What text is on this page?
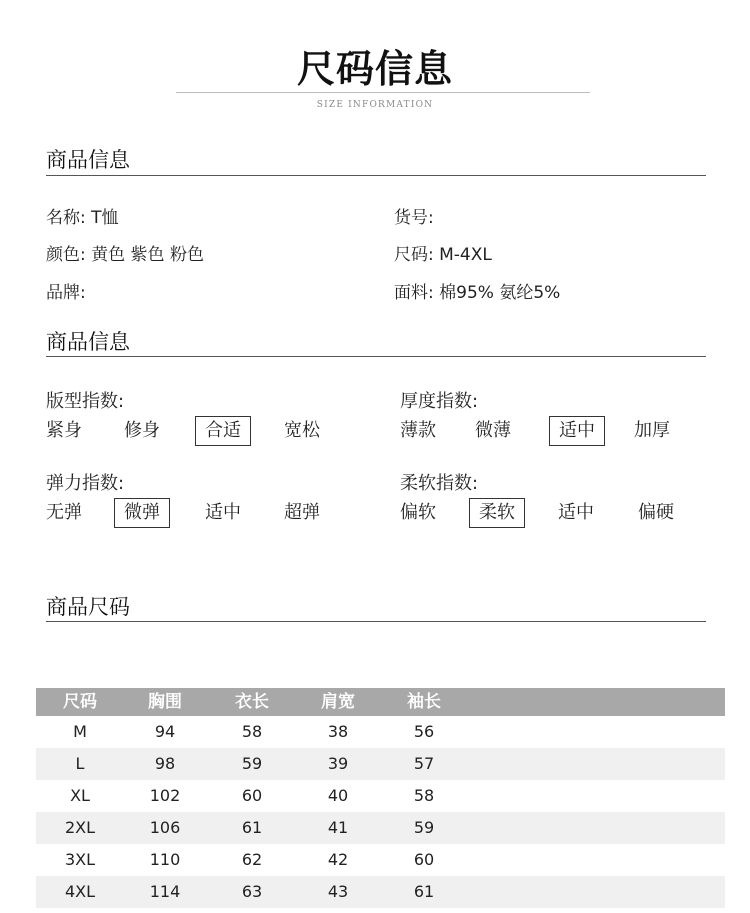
尺码信息
SIZE INFORMATION
商品信息
名称: T恤	货号:
颜色: 黄色 紫色 粉色	尺码: M-4XL
品牌:	面料: 棉95% 氨纶5%
商品信息
版型指数:
紧身 修身	合适	宽松
厚度指数:
薄款 微薄	适中	加厚
弹力指数:
无弹	微弹	适中 超弹
柔软指数:
偏软	柔软	适中 偏硬
商品尺码
尺码	胸围	衣长	肩宽	袖长
M	94	58	38	56
L	98	59	39	57
XL	102	60	40	58
2XL	106	61	41	59
3XL	110	62	42	60
4XL	114	63	43	61
